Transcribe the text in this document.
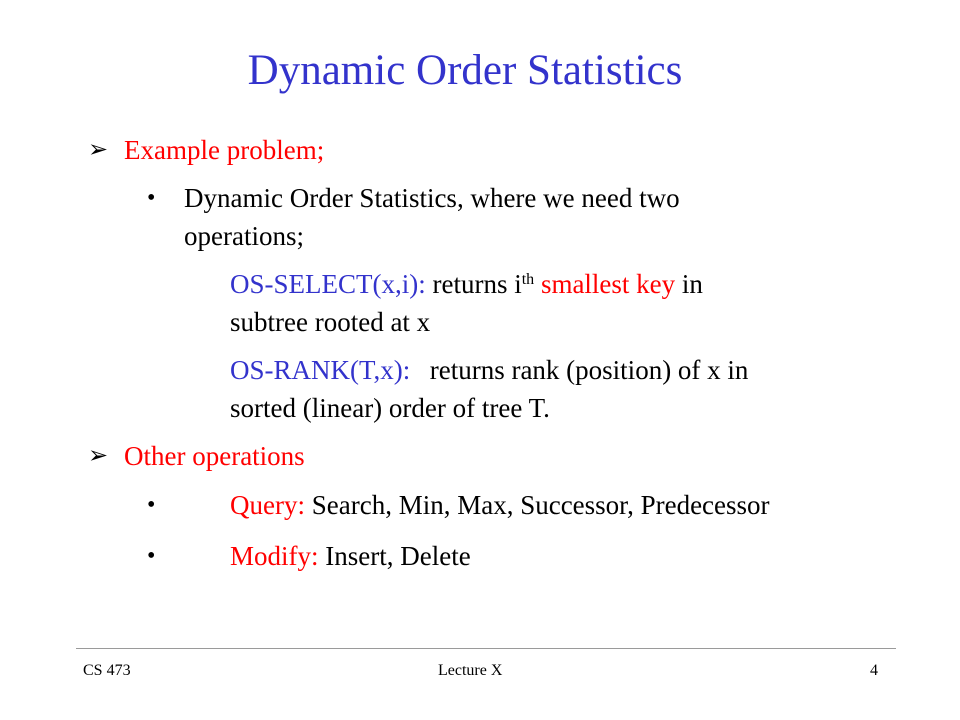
Dynamic Order Statistics
➢ Example problem;
• Dynamic Order Statistics, where we need two
operations;
OS-SELECT(x,i): returns $i^{th}$ smallest key in
subtree rooted at x
OS-RANK(T,x): returns rank (position) of x in
sorted (linear) order of tree T.
➢ Other operations
•	Query: Search, Min, Max, Successor, Predecessor
•	Modify: Insert, Delete
CS 473	Lecture X	4
